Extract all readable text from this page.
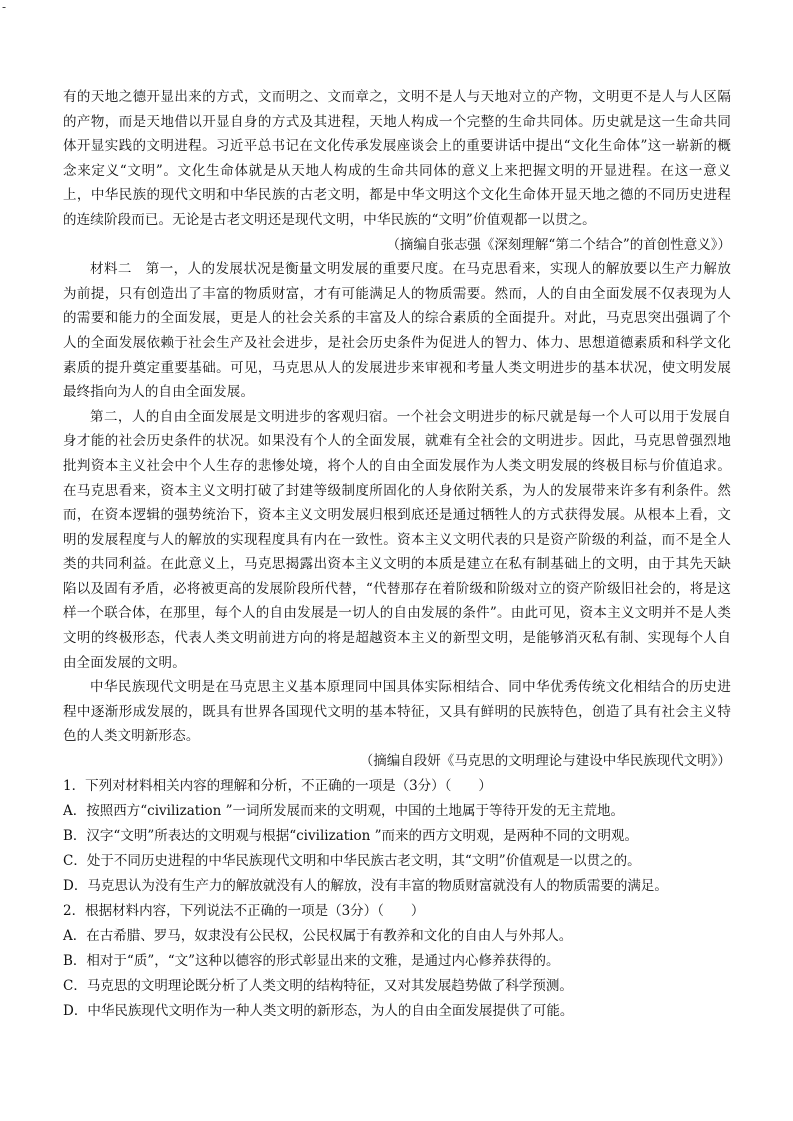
-

有的天地之德开显出来的方式，文而明之、文而章之，文明不是人与天地对立的产物，文明更不是人与人区隔的产物，而是天地借以开显自身的方式及其进程，天地人构成一个完整的生命共同体。历史就是这一生命共同体开显实践的文明进程。习近平总书记在文化传承发展座谈会上的重要讲话中提出“文化生命体”这一崭新的概念来定义“文明”。文化生命体就是从天地人构成的生命共同体的意义上来把握文明的开显进程。在这一意义上，中华民族的现代文明和中华民族的古老文明，都是中华文明这个文化生命体开显天地之德的不同历史进程的连续阶段而已。无论是古老文明还是现代文明，中华民族的“文明”价值观都一以贯之。

（摘编自张志强《深刻理解“第二个结合”的首创性意义》）

材料二　第一，人的发展状况是衡量文明发展的重要尺度。在马克思看来，实现人的解放要以生产力解放为前提，只有创造出了丰富的物质财富，才有可能满足人的物质需要。然而，人的自由全面发展不仅表现为人的需要和能力的全面发展，更是人的社会关系的丰富及人的综合素质的全面提升。对此，马克思突出强调了个人的全面发展依赖于社会生产及社会进步，是社会历史条件为促进人的智力、体力、思想道德素质和科学文化素质的提升奠定重要基础。可见，马克思从人的发展进步来审视和考量人类文明进步的基本状况，使文明发展最终指向为人的自由全面发展。

第二，人的自由全面发展是文明进步的客观归宿。一个社会文明进步的标尺就是每一个人可以用于发展自身才能的社会历史条件的状况。如果没有个人的全面发展，就难有全社会的文明进步。因此，马克思曾强烈地批判资本主义社会中个人生存的悲惨处境，将个人的自由全面发展作为人类文明发展的终极目标与价值追求。在马克思看来，资本主义文明打破了封建等级制度所固化的人身依附关系，为人的发展带来许多有利条件。然而，在资本逻辑的强势统治下，资本主义文明发展归根到底还是通过牺牲人的方式获得发展。从根本上看，文明的发展程度与人的解放的实现程度具有内在一致性。资本主义文明代表的只是资产阶级的利益，而不是全人类的共同利益。在此意义上，马克思揭露出资本主义文明的本质是建立在私有制基础上的文明，由于其先天缺陷以及固有矛盾，必将被更高的发展阶段所代替，“代替那存在着阶级和阶级对立的资产阶级旧社会的，将是这样一个联合体，在那里，每个人的自由发展是一切人的自由发展的条件”。由此可见，资本主义文明并不是人类文明的终极形态，代表人类文明前进方向的将是超越资本主义的新型文明，是能够消灭私有制、实现每个人自由全面发展的文明。

中华民族现代文明是在马克思主义基本原理同中国具体实际相结合、同中华优秀传统文化相结合的历史进程中逐渐形成发展的，既具有世界各国现代文明的基本特征，又具有鲜明的民族特色，创造了具有社会主义特色的人类文明新形态。

（摘编自段妍《马克思的文明理论与建设中华民族现代文明》）

1．下列对材料相关内容的理解和分析，不正确的一项是（3分）（　　）

A．按照西方“civilization ”一词所发展而来的文明观，中国的土地属于等待开发的无主荒地。

B．汉字“文明”所表达的文明观与根据“civilization ”而来的西方文明观，是两种不同的文明观。

C．处于不同历史进程的中华民族现代文明和中华民族古老文明，其“文明”价值观是一以贯之的。

D．马克思认为没有生产力的解放就没有人的解放，没有丰富的物质财富就没有人的物质需要的满足。

2．根据材料内容，下列说法不正确的一项是（3分）（　　）

A．在古希腊、罗马，奴隶没有公民权，公民权属于有教养和文化的自由人与外邦人。

B．相对于“质”，“文”这种以德容的形式彰显出来的文雅，是通过内心修养获得的。

C．马克思的文明理论既分析了人类文明的结构特征，又对其发展趋势做了科学预测。

D．中华民族现代文明作为一种人类文明的新形态，为人的自由全面发展提供了可能。
